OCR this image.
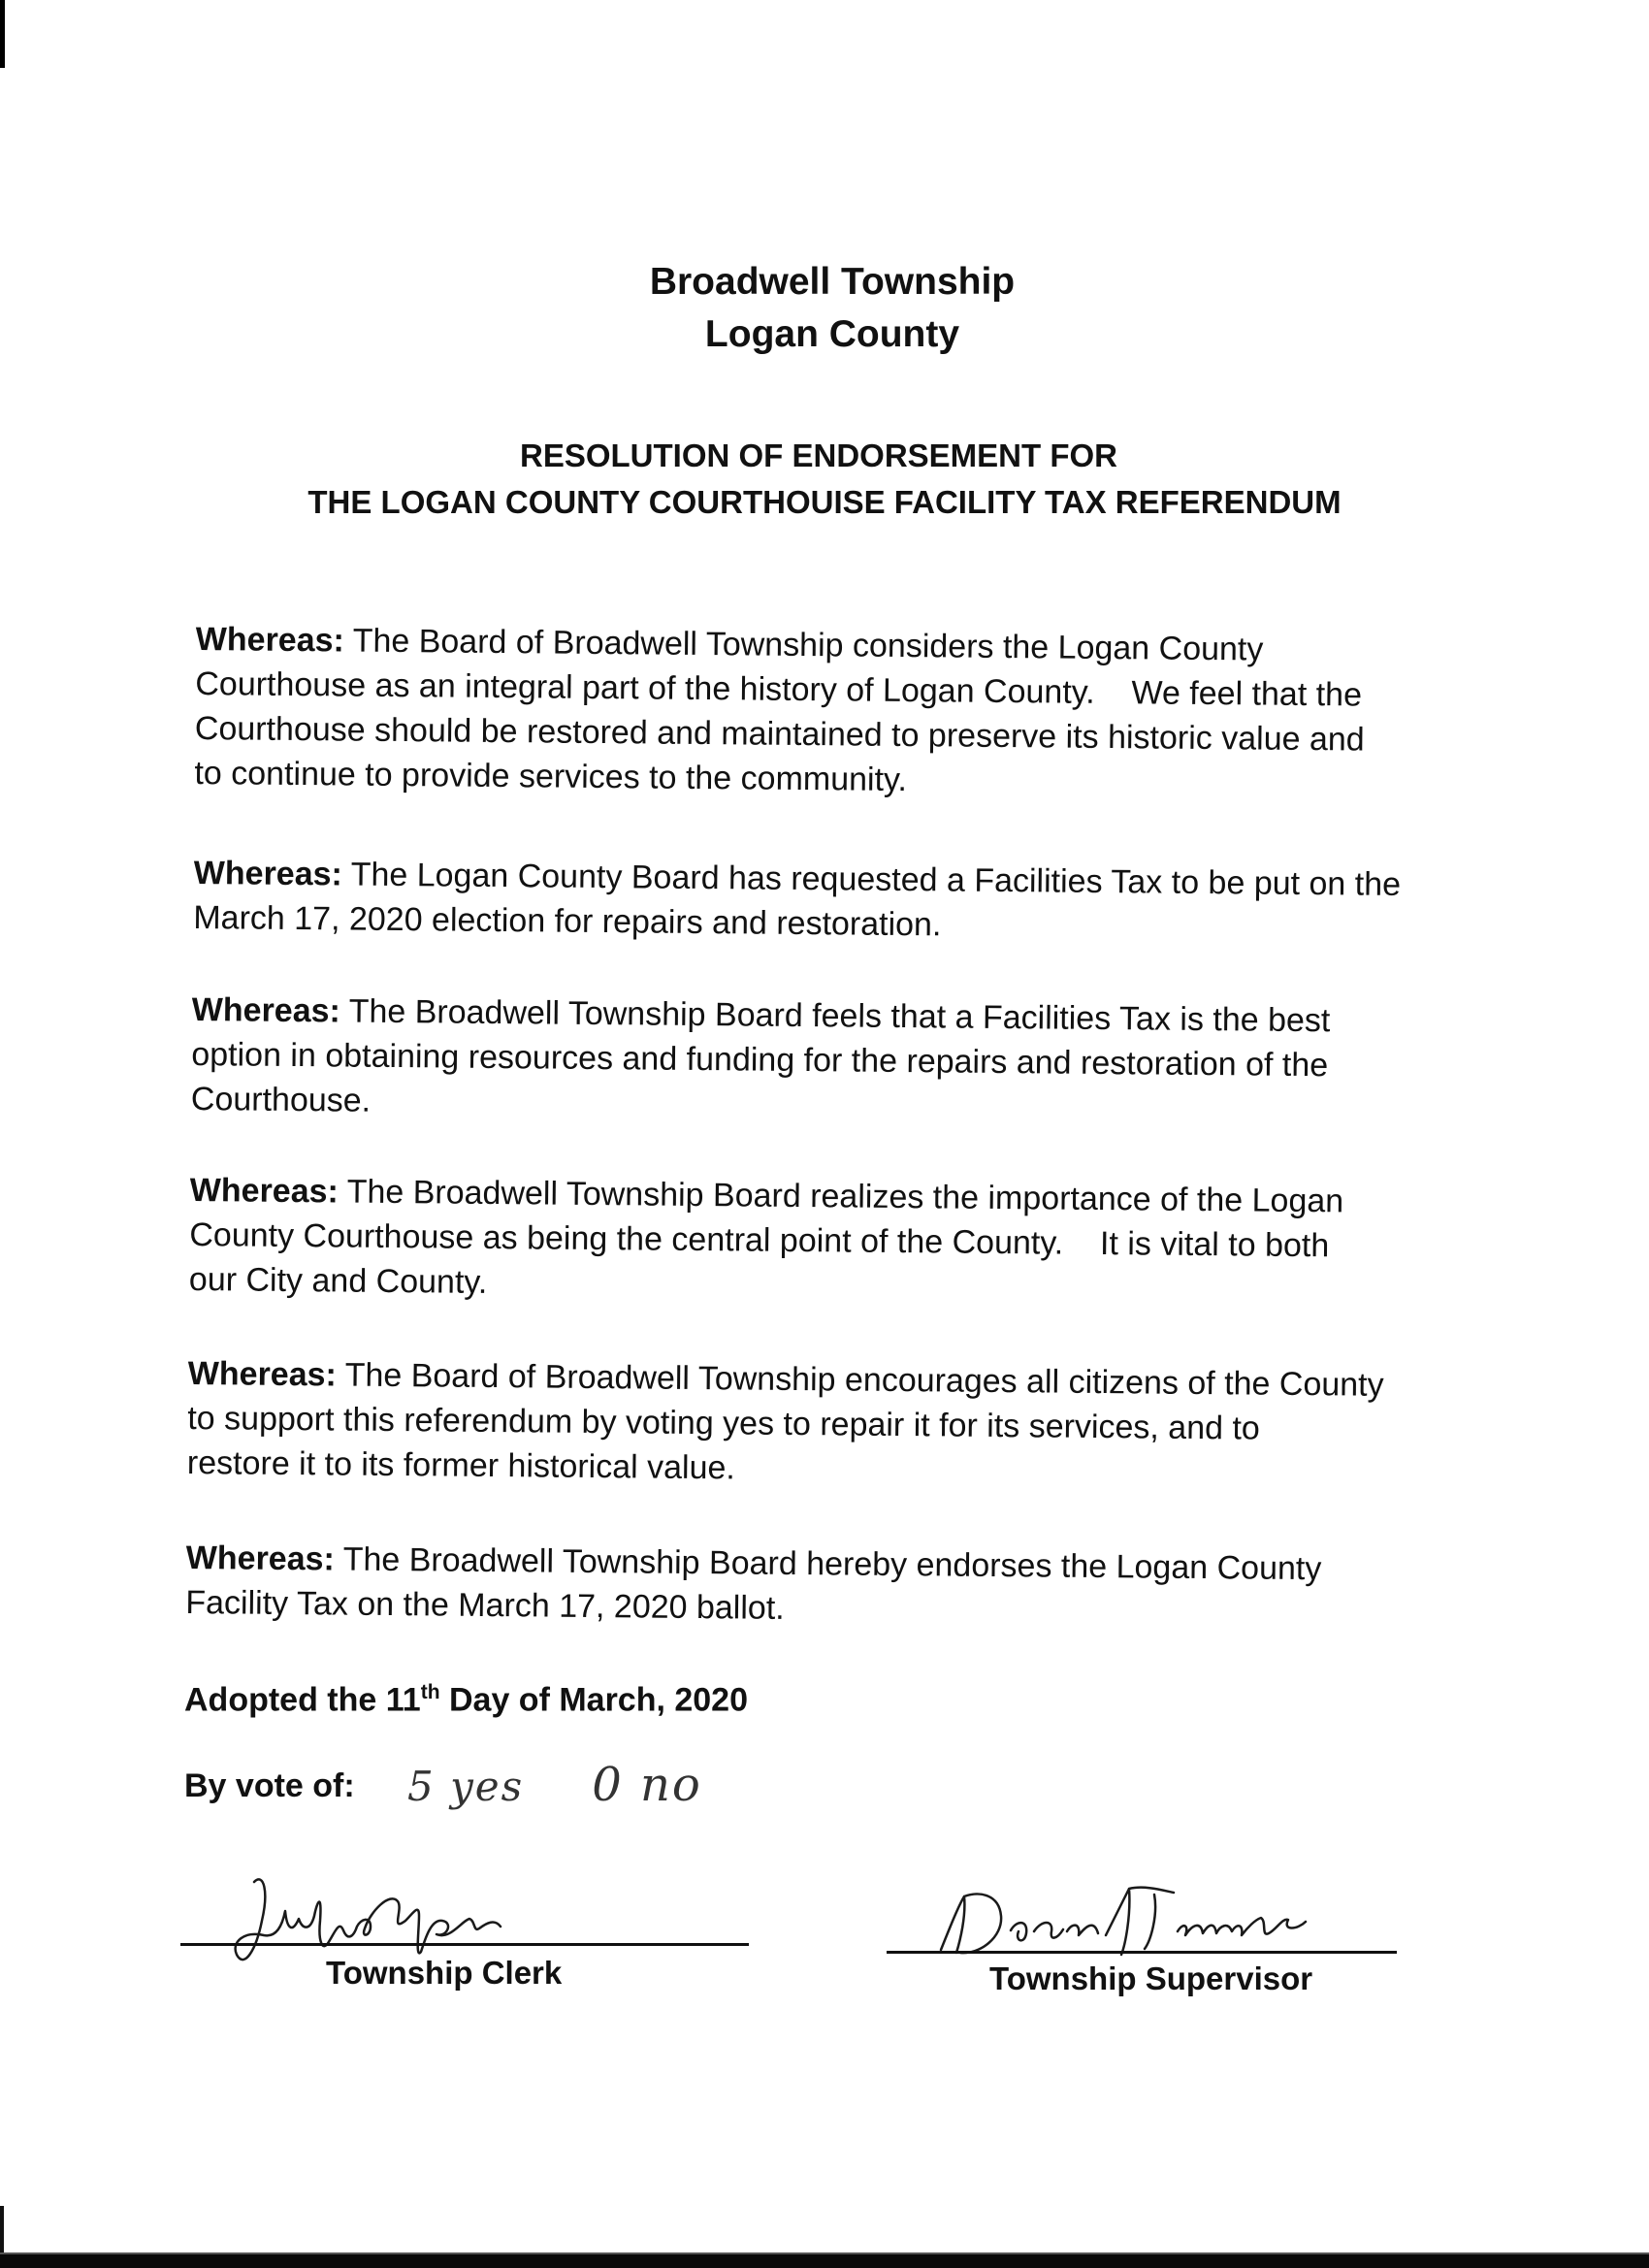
Broadwell Township
Logan County
RESOLUTION OF ENDORSEMENT FOR
THE LOGAN COUNTY COURTHOUISE FACILITY TAX REFERENDUM
Whereas: The Board of Broadwell Township considers the Logan County
Courthouse as an integral part of the history of Logan County.    We feel that the
Courthouse should be restored and maintained to preserve its historic value and
to continue to provide services to the community.
Whereas: The Logan County Board has requested a Facilities Tax to be put on the
March 17, 2020 election for repairs and restoration.
Whereas: The Broadwell Township Board feels that a Facilities Tax is the best
option in obtaining resources and funding for the repairs and restoration of the
Courthouse.
Whereas: The Broadwell Township Board realizes the importance of the Logan
County Courthouse as being the central point of the County.    It is vital to both
our City and County.
Whereas: The Board of Broadwell Township encourages all citizens of the County
to support this referendum by voting yes to repair it for its services, and to
restore it to its former historical value.
Whereas: The Broadwell Township Board hereby endorses the Logan County
Facility Tax on the March 17, 2020 ballot.
Adopted the 11th Day of March, 2020
By vote of: 5 yes 0 no
Township Clerk	Township Supervisor
